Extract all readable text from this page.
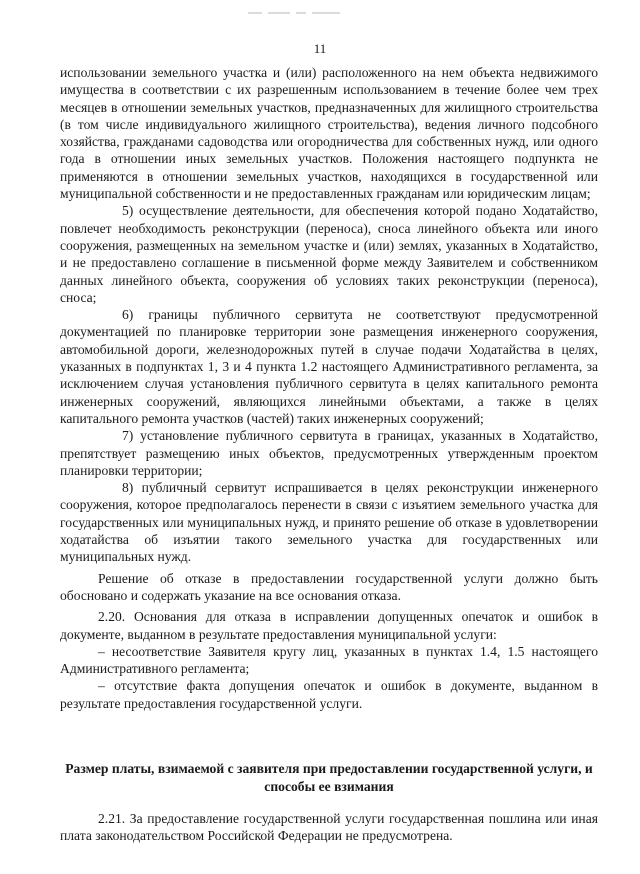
11

использовании земельного участка и (или) расположенного на нем объекта недвижимого имущества в соответствии с их разрешенным использованием в течение более чем трех месяцев в отношении земельных участков, предназначенных для жилищного строительства (в том числе индивидуального жилищного строительства), ведения личного подсобного хозяйства, гражданами садоводства или огородничества для собственных нужд, или одного года в отношении иных земельных участков. Положения настоящего подпункта не применяются в отношении земельных участков, находящихся в государственной или муниципальной собственности и не предоставленных гражданам или юридическим лицам;

5) осуществление деятельности, для обеспечения которой подано Ходатайство, повлечет необходимость реконструкции (переноса), сноса линейного объекта или иного сооружения, размещенных на земельном участке и (или) землях, указанных в Ходатайство, и не предоставлено соглашение в письменной форме между Заявителем и собственником данных линейного объекта, сооружения об условиях таких реконструкции (переноса), сноса;

6) границы публичного сервитута не соответствуют предусмотренной документацией по планировке территории зоне размещения инженерного сооружения, автомобильной дороги, железнодорожных путей в случае подачи Ходатайства в целях, указанных в подпунктах 1, 3 и 4 пункта 1.2 настоящего Административного регламента, за исключением случая установления публичного сервитута в целях капитального ремонта инженерных сооружений, являющихся линейными объектами, а также в целях капитального ремонта участков (частей) таких инженерных сооружений;

7) установление публичного сервитута в границах, указанных в Ходатайство, препятствует размещению иных объектов, предусмотренных утвержденным проектом планировки территории;

8) публичный сервитут испрашивается в целях реконструкции инженерного сооружения, которое предполагалось перенести в связи с изъятием земельного участка для государственных или муниципальных нужд, и принято решение об отказе в удовлетворении ходатайства об изъятии такого земельного участка для государственных или муниципальных нужд.

Решение об отказе в предоставлении государственной услуги должно быть обосновано и содержать указание на все основания отказа.

2.20. Основания для отказа в исправлении допущенных опечаток и ошибок в документе, выданном в результате предоставления муниципальной услуги:

– несоответствие Заявителя кругу лиц, указанных в пунктах 1.4, 1.5 настоящего Административного регламента;

– отсутствие факта допущения опечаток и ошибок в документе, выданном в результате предоставления государственной услуги.

Размер платы, взимаемой с заявителя при предоставлении государственной услуги, и способы ее взимания

2.21. За предоставление государственной услуги государственная пошлина или иная плата законодательством Российской Федерации не предусмотрена.
